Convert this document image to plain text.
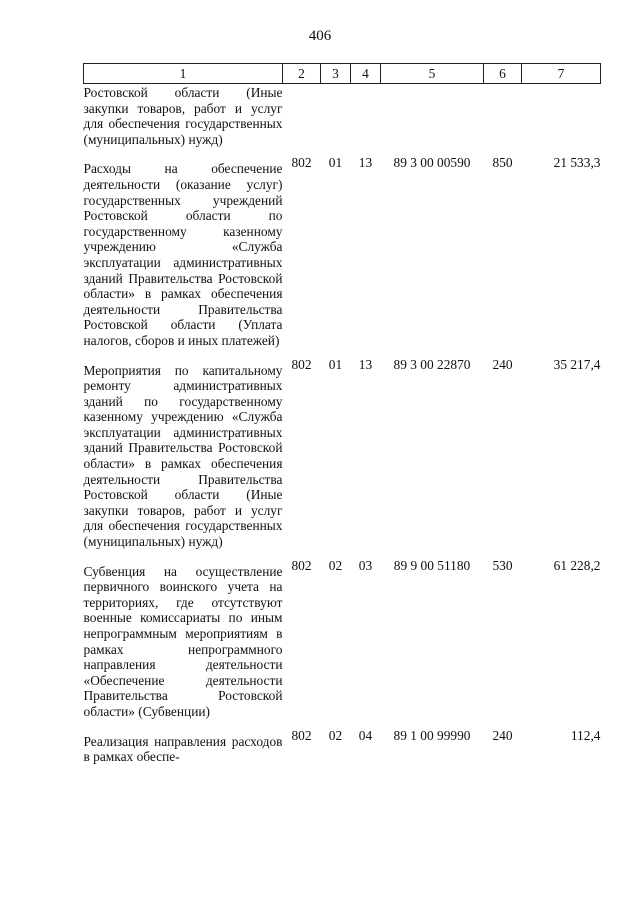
406
1	2	3	4	5	6	7
Ростовской области (Иные закупки товаров, работ и услуг для обеспечения государственных (муниципальных) нужд)						
Расходы на обеспечение деятельности (оказание услуг) государственных учреждений Ростовской области по государственному казенному учреждению «Служба эксплуатации административных зданий Правительства Ростовской области» в рамках обеспечения деятельности Правительства Ростовской области (Уплата налогов, сборов и иных платежей)	802	01	13	89 3 00 00590	850	21 533,3
Мероприятия по капитальному ремонту административных зданий по государственному казенному учреждению «Служба эксплуатации административных зданий Правительства Ростовской области» в рамках обеспечения деятельности Правительства Ростовской области (Иные закупки товаров, работ и услуг для обеспечения государственных (муниципальных) нужд)	802	01	13	89 3 00 22870	240	35 217,4
Субвенция на осуществление первичного воинского учета на территориях, где отсутствуют военные комиссариаты по иным непрограммным мероприятиям в рамках непрограммного направления деятельности «Обеспечение деятельности Правительства Ростовской области» (Субвенции)	802	02	03	89 9 00 51180	530	61 228,2
Реализация направления расходов в рамках обеспе-	802	02	04	89 1 00 99990	240	112,4
